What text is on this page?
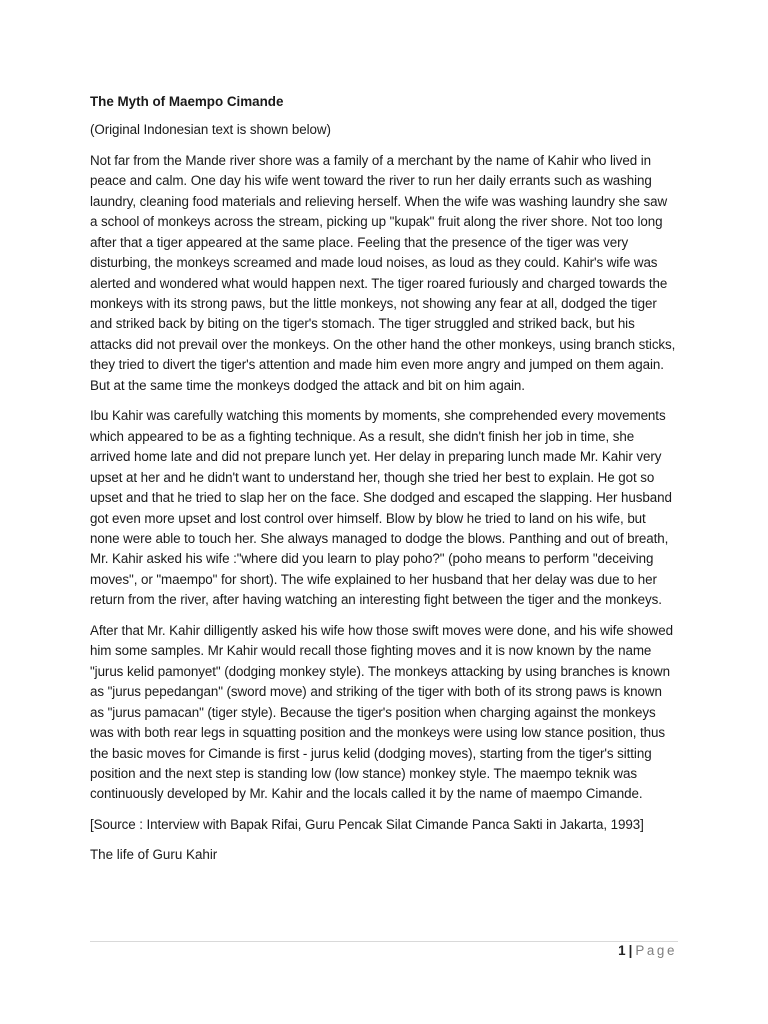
The Myth of Maempo Cimande

(Original Indonesian text is shown below)

Not far from the Mande river shore was a family of a merchant by the name of Kahir who lived in peace and calm. One day his wife went toward the river to run her daily errants such as washing laundry, cleaning food materials and relieving herself. When the wife was washing laundry she saw a school of monkeys across the stream, picking up "kupak" fruit along the river shore. Not too long after that a tiger appeared at the same place. Feeling that the presence of the tiger was very disturbing, the monkeys screamed and made loud noises, as loud as they could. Kahir's wife was alerted and wondered what would happen next. The tiger roared furiously and charged towards the monkeys with its strong paws, but the little monkeys, not showing any fear at all, dodged the tiger and striked back by biting on the tiger's stomach. The tiger struggled and striked back, but his attacks did not prevail over the monkeys. On the other hand the other monkeys, using branch sticks, they tried to divert the tiger's attention and made him even more angry and jumped on them again. But at the same time the monkeys dodged the attack and bit on him again.

Ibu Kahir was carefully watching this moments by moments, she comprehended every movements which appeared to be as a fighting technique. As a result, she didn't finish her job in time, she arrived home late and did not prepare lunch yet. Her delay in preparing lunch made Mr. Kahir very upset at her and he didn't want to understand her, though she tried her best to explain. He got so upset and that he tried to slap her on the face. She dodged and escaped the slapping. Her husband got even more upset and lost control over himself. Blow by blow he tried to land on his wife, but none were able to touch her. She always managed to dodge the blows. Panthing and out of breath, Mr. Kahir asked his wife :"where did you learn to play poho?" (poho means to perform "deceiving moves", or "maempo" for short). The wife explained to her husband that her delay was due to her return from the river, after having watching an interesting fight between the tiger and the monkeys.

After that Mr. Kahir dilligently asked his wife how those swift moves were done, and his wife showed him some samples. Mr Kahir would recall those fighting moves and it is now known by the name "jurus kelid pamonyet" (dodging monkey style). The monkeys attacking by using branches is known as "jurus pepedangan" (sword move) and striking of the tiger with both of its strong paws is known as "jurus pamacan" (tiger style). Because the tiger's position when charging against the monkeys was with both rear legs in squatting position and the monkeys were using low stance position, thus the basic moves for Cimande is first - jurus kelid (dodging moves), starting from the tiger's sitting position and the next step is standing low (low stance) monkey style. The maempo teknik was continuously developed by Mr. Kahir and the locals called it by the name of maempo Cimande.

[Source : Interview with Bapak Rifai, Guru Pencak Silat Cimande Panca Sakti in Jakarta, 1993]

The life of Guru Kahir

1 | Page
